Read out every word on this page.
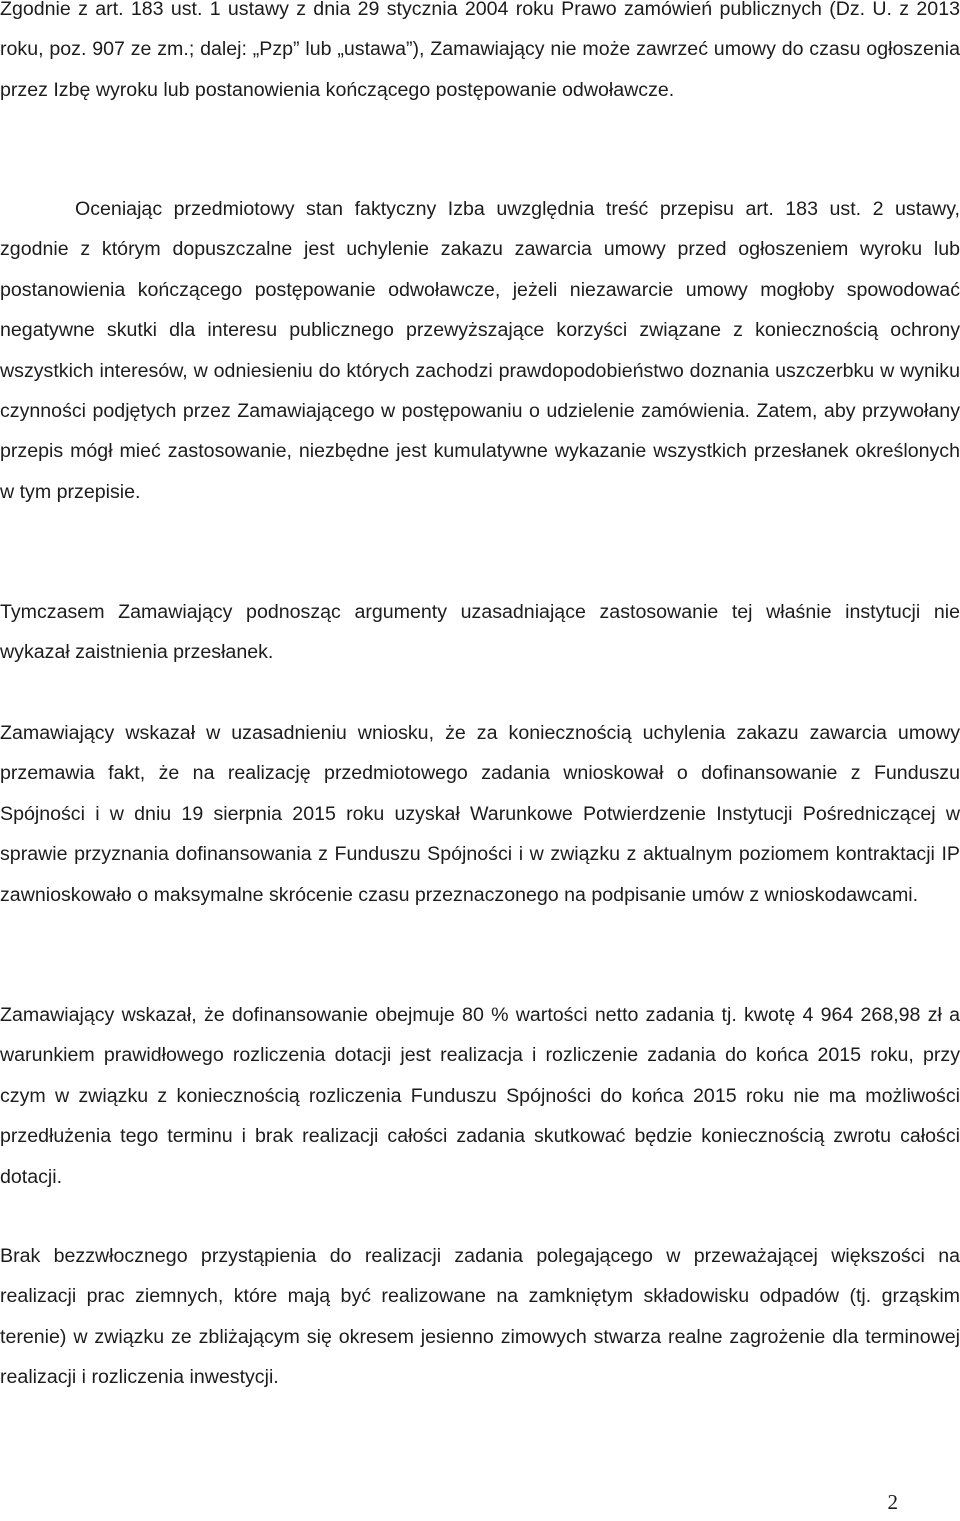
Zgodnie z art. 183 ust. 1 ustawy z dnia 29 stycznia 2004 roku Prawo zamówień publicznych (Dz. U. z 2013 roku, poz. 907 ze zm.; dalej: „Pzp” lub „ustawa”), Zamawiający nie może zawrzeć umowy do czasu ogłoszenia przez Izbę wyroku lub postanowienia kończącego postępowanie odwoławcze.

Oceniając przedmiotowy stan faktyczny Izba uwzględnia treść przepisu art. 183 ust. 2 ustawy, zgodnie z którym dopuszczalne jest uchylenie zakazu zawarcia umowy przed ogłoszeniem wyroku lub postanowienia kończącego postępowanie odwoławcze, jeżeli niezawarcie umowy mogłoby spowodować negatywne skutki dla interesu publicznego przewyższające korzyści związane z koniecznością ochrony wszystkich interesów, w odniesieniu do których zachodzi prawdopodobieństwo doznania uszczerbku w wyniku czynności podjętych przez Zamawiającego w postępowaniu o udzielenie zamówienia. Zatem, aby przywołany przepis mógł mieć zastosowanie, niezbędne jest kumulatywne wykazanie wszystkich przesłanek określonych w tym przepisie.

Tymczasem Zamawiający podnosząc argumenty uzasadniające zastosowanie tej właśnie instytucji nie wykazał zaistnienia przesłanek.

Zamawiający wskazał w uzasadnieniu wniosku, że za koniecznością uchylenia zakazu zawarcia umowy przemawia fakt, że na realizację przedmiotowego zadania wnioskował o dofinansowanie z Funduszu Spójności i w dniu 19 sierpnia 2015 roku uzyskał Warunkowe Potwierdzenie Instytucji Pośredniczącej w sprawie przyznania dofinansowania z Funduszu Spójności i w związku z aktualnym poziomem kontraktacji IP zawnioskowało o maksymalne skrócenie czasu przeznaczonego na podpisanie umów z wnioskodawcami.

Zamawiający wskazał, że dofinansowanie obejmuje 80 % wartości netto zadania tj. kwotę 4 964 268,98 zł a warunkiem prawidłowego rozliczenia dotacji jest realizacja i rozliczenie zadania do końca 2015 roku, przy czym w związku z koniecznością rozliczenia Funduszu Spójności do końca 2015 roku nie ma możliwości przedłużenia tego terminu i brak realizacji całości zadania skutkować będzie koniecznością zwrotu całości dotacji.

Brak bezzwłocznego przystąpienia do realizacji zadania polegającego w przeważającej większości na realizacji prac ziemnych, które mają być realizowane na zamkniętym składowisku odpadów (tj. grząskim terenie) w związku ze zbliżającym się okresem jesienno zimowych stwarza realne zagrożenie dla terminowej realizacji i rozliczenia inwestycji.

2
